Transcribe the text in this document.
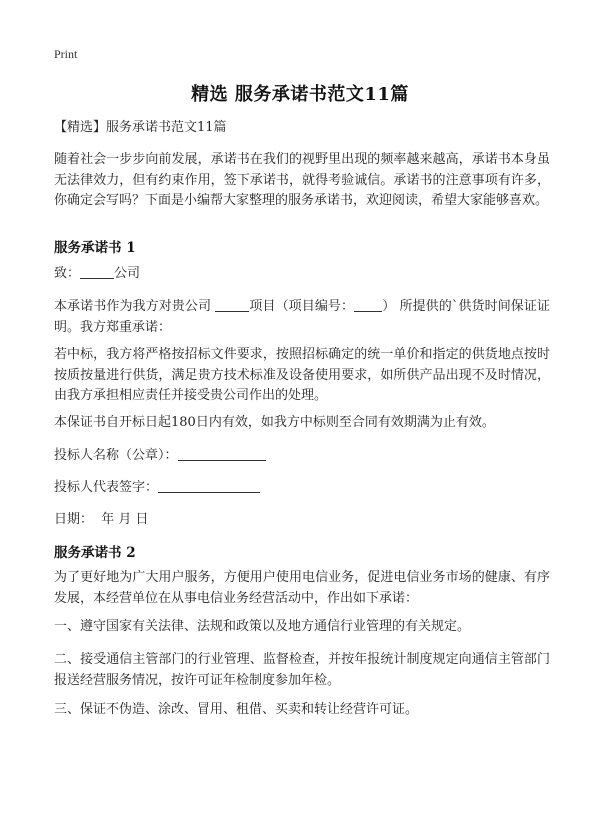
Print
精选 服务承诺书范文11篇
【精选】服务承诺书范文11篇
随着社会一步步向前发展，承诺书在我们的视野里出现的频率越来越高，承诺书本身虽无法律效力，但有约束作用，签下承诺书，就得考验诚信。承诺书的注意事项有许多，你确定会写吗？下面是小编帮大家整理的服务承诺书，欢迎阅读，希望大家能够喜欢。
服务承诺书 1
致：	公司
本承诺书作为我方对贵公司	项目（项目编号： ） 所提供的`供货时间保证证明。我方郑重承诺：
若中标，我方将严格按招标文件要求，按照招标确定的统一单价和指定的供货地点按时按质按量进行供货，满足贵方技术标准及设备使用要求，如所供产品出现不及时情况，由我方承担相应责任并接受贵公司作出的处理。
本保证书自开标日起180日内有效，如我方中标则至合同有效期满为止有效。
投标人名称（公章）：
投标人代表签字：
日期：  年 月 日
服务承诺书 2
为了更好地为广大用户服务，方便用户使用电信业务，促进电信业务市场的健康、有序发展，本经营单位在从事电信业务经营活动中，作出如下承诺：
一、遵守国家有关法律、法规和政策以及地方通信行业管理的有关规定。
二、接受通信主管部门的行业管理、监督检查，并按年报统计制度规定向通信主管部门报送经营服务情况，按许可证年检制度参加年检。
三、保证不伪造、涂改、冒用、租借、买卖和转让经营许可证。
